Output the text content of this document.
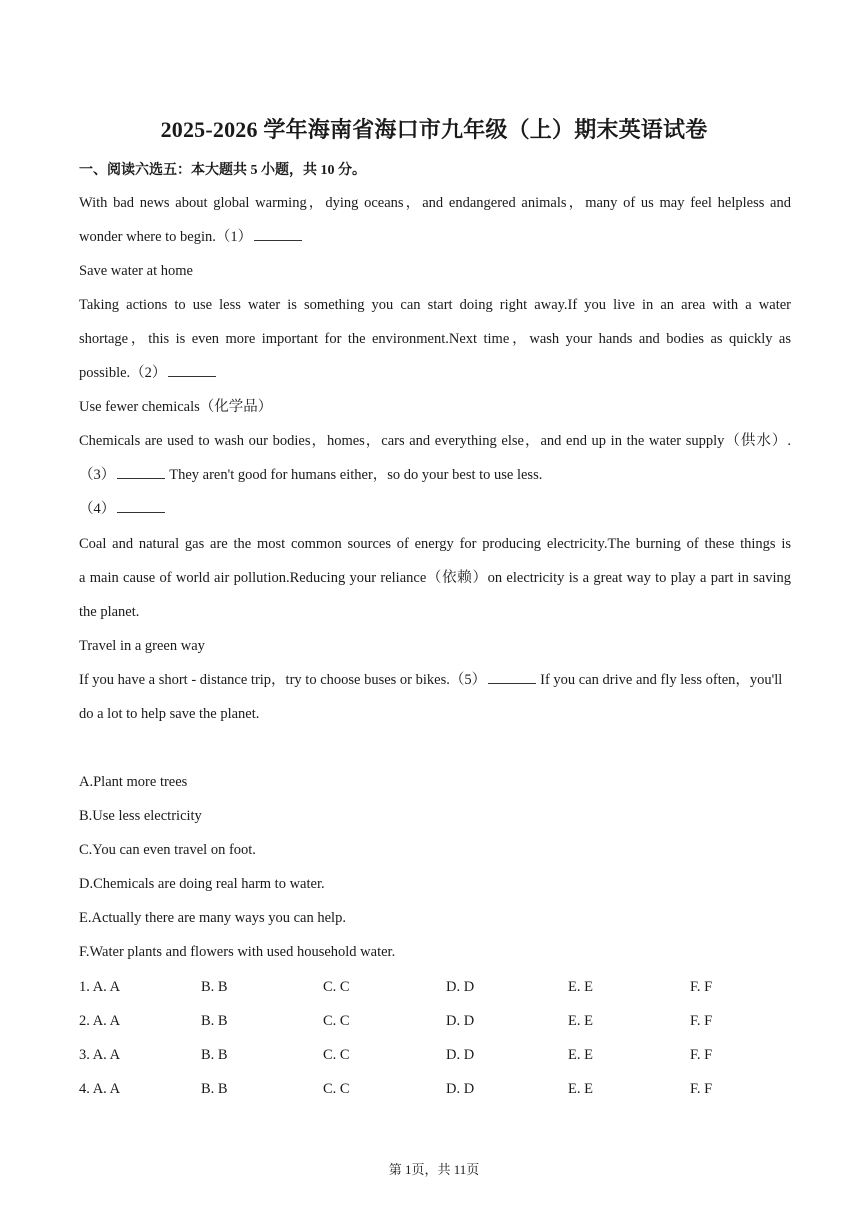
2025-2026 学年海南省海口市九年级（上）期末英语试卷
一、阅读六选五：本大题共 5 小题，共 10 分。
With bad news about global warming，dying oceans，and endangered animals，many of us may feel helpless and
wonder where to begin.（1）
Save water at home
Taking actions to use less water is something you can start doing right away.If you live in an area with a water
shortage，this is even more important for the environment.Next time，wash your hands and bodies as quickly as
possible.（2）
Use fewer chemicals（化学品）
Chemicals are used to wash our bodies，homes，cars and everything else，and end up in the water supply（供水）.
（3）	They aren't good for humans either，so do your best to use less.
（4）
Coal and natural gas are the most common sources of energy for producing electricity.The burning of these things is
a main cause of world air pollution.Reducing your reliance（依赖）on electricity is a great way to play a part in saving
the planet.
Travel in a green way
If you have a short - distance trip，try to choose buses or bikes.（5）	If you can drive and fly less often，you'll
do a lot to help save the planet.
A.Plant more trees
B.Use less electricity
C.You can even travel on foot.
D.Chemicals are doing real harm to water.
E.Actually there are many ways you can help.
F.Water plants and flowers with used household water.
1. A. A	B. B	C. C	D. D	E. E	F. F
2. A. A	B. B	C. C	D. D	E. E	F. F
3. A. A	B. B	C. C	D. D	E. E	F. F
4. A. A	B. B	C. C	D. D	E. E	F. F
第 1页，共 11页
